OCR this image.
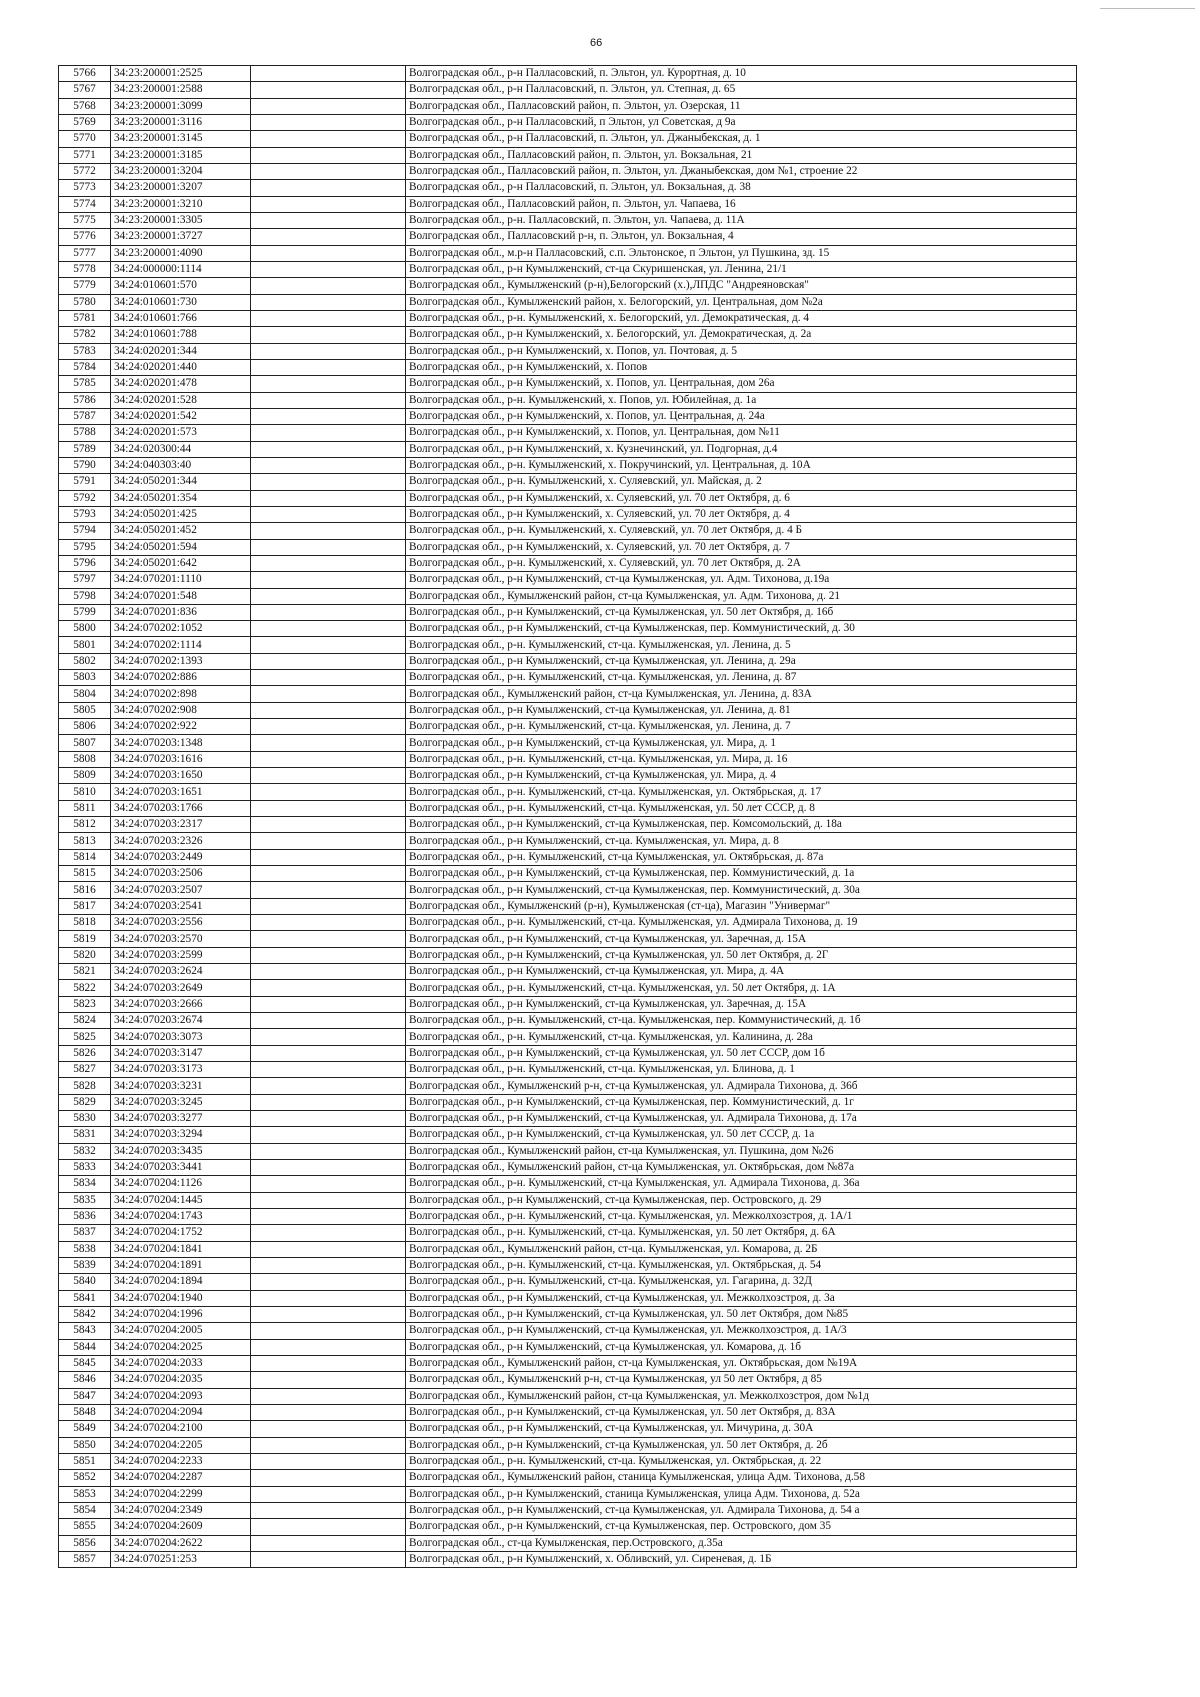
66
5766	34:23:200001:2525		Волгоградская обл., р-н Палласовский, п. Эльтон, ул. Курортная, д. 10
5767	34:23:200001:2588		Волгоградская обл., р-н Палласовский, п. Эльтон, ул. Степная, д. 65
5768	34:23:200001:3099		Волгоградская обл., Палласовский район, п. Эльтон, ул. Озерская, 11
5769	34:23:200001:3116		Волгоградская обл., р-н Палласовский, п Эльтон, ул Советская, д 9а
5770	34:23:200001:3145		Волгоградская обл., р-н Палласовский, п. Эльтон, ул. Джаныбекская, д. 1
5771	34:23:200001:3185		Волгоградская обл., Палласовский район, п. Эльтон, ул. Вокзальная, 21
5772	34:23:200001:3204		Волгоградская обл., Палласовский район, п. Эльтон, ул. Джаныбекская, дом №1, строение 22
5773	34:23:200001:3207		Волгоградская обл., р-н Палласовский, п. Эльтон, ул. Вокзальная, д. 38
5774	34:23:200001:3210		Волгоградская обл., Палласовский район, п. Эльтон, ул. Чапаева, 16
5775	34:23:200001:3305		Волгоградская обл., р-н. Палласовский, п. Эльтон, ул. Чапаева, д. 11А
5776	34:23:200001:3727		Волгоградская обл., Палласовский р-н, п. Эльтон, ул. Вокзальная, 4
5777	34:23:200001:4090		Волгоградская обл., м.р-н Палласовский, с.п. Эльтонское, п Эльтон, ул Пушкина, зд. 15
5778	34:24:000000:1114		Волгоградская обл., р-н Кумылженский, ст-ца Скуришенская, ул. Ленина, 21/1
5779	34:24:010601:570		Волгоградская обл., Кумылженский (р-н),Белогорский (х.),ЛПДС "Андреяновская"
5780	34:24:010601:730		Волгоградская обл., Кумылженский район, х. Белогорский, ул. Центральная, дом №2а
5781	34:24:010601:766		Волгоградская обл., р-н. Кумылженский, х. Белогорский, ул. Демократическая, д. 4
5782	34:24:010601:788		Волгоградская обл., р-н Кумылженский, х. Белогорский, ул. Демократическая, д. 2а
5783	34:24:020201:344		Волгоградская обл., р-н Кумылженский, х. Попов, ул. Почтовая, д. 5
5784	34:24:020201:440		Волгоградская обл., р-н Кумылженский, х. Попов
5785	34:24:020201:478		Волгоградская обл., р-н Кумылженский, х. Попов, ул. Центральная, дом 26а
5786	34:24:020201:528		Волгоградская обл., р-н. Кумылженский, х. Попов, ул. Юбилейная, д. 1а
5787	34:24:020201:542		Волгоградская обл., р-н Кумылженский, х. Попов, ул. Центральная, д. 24а
5788	34:24:020201:573		Волгоградская обл., р-н Кумылженский, х. Попов, ул. Центральная, дом №11
5789	34:24:020300:44		Волгоградская обл., р-н Кумылженский, х. Кузнечинский, ул. Подгорная, д.4
5790	34:24:040303:40		Волгоградская обл., р-н. Кумылженский, х. Покручинский, ул. Центральная, д. 10А
5791	34:24:050201:344		Волгоградская обл., р-н. Кумылженский, х. Суляевский, ул. Майская, д. 2
5792	34:24:050201:354		Волгоградская обл., р-н Кумылженский, х. Суляевский, ул. 70 лет Октября, д. 6
5793	34:24:050201:425		Волгоградская обл., р-н Кумылженский, х. Суляевский, ул. 70 лет Октября, д. 4
5794	34:24:050201:452		Волгоградская обл., р-н. Кумылженский, х. Суляевский, ул. 70 лет Октября, д. 4 Б
5795	34:24:050201:594		Волгоградская обл., р-н Кумылженский, х. Суляевский, ул. 70 лет Октября, д. 7
5796	34:24:050201:642		Волгоградская обл., р-н. Кумылженский, х. Суляевский, ул. 70 лет Октября, д. 2А
5797	34:24:070201:1110		Волгоградская обл., р-н Кумылженский, ст-ца Кумылженская, ул. Адм. Тихонова, д.19а
5798	34:24:070201:548		Волгоградская обл., Кумылженский район, ст-ца Кумылженская, ул. Адм. Тихонова, д. 21
5799	34:24:070201:836		Волгоградская обл., р-н Кумылженский, ст-ца Кумылженская, ул. 50 лет Октября, д. 16б
5800	34:24:070202:1052		Волгоградская обл., р-н Кумылженский, ст-ца Кумылженская, пер. Коммунистический, д. 30
5801	34:24:070202:1114		Волгоградская обл., р-н. Кумылженский, ст-ца. Кумылженская, ул. Ленина, д. 5
5802	34:24:070202:1393		Волгоградская обл., р-н Кумылженский, ст-ца Кумылженская, ул. Ленина, д. 29а
5803	34:24:070202:886		Волгоградская обл., р-н. Кумылженский, ст-ца. Кумылженская, ул. Ленина, д. 87
5804	34:24:070202:898		Волгоградская обл., Кумылженский район, ст-ца Кумылженская, ул. Ленина, д. 83А
5805	34:24:070202:908		Волгоградская обл., р-н Кумылженский, ст-ца Кумылженская, ул. Ленина, д. 81
5806	34:24:070202:922		Волгоградская обл., р-н. Кумылженский, ст-ца. Кумылженская, ул. Ленина, д. 7
5807	34:24:070203:1348		Волгоградская обл., р-н Кумылженский, ст-ца Кумылженская, ул. Мира, д. 1
5808	34:24:070203:1616		Волгоградская обл., р-н. Кумылженский, ст-ца. Кумылженская, ул. Мира, д. 16
5809	34:24:070203:1650		Волгоградская обл., р-н Кумылженский, ст-ца Кумылженская, ул. Мира, д. 4
5810	34:24:070203:1651		Волгоградская обл., р-н. Кумылженский, ст-ца. Кумылженская, ул. Октябрьская, д. 17
5811	34:24:070203:1766		Волгоградская обл., р-н. Кумылженский, ст-ца. Кумылженская, ул. 50 лет СССР, д. 8
5812	34:24:070203:2317		Волгоградская обл., р-н Кумылженский, ст-ца Кумылженская, пер. Комсомольский, д. 18а
5813	34:24:070203:2326		Волгоградская обл., р-н Кумылженский, ст-ца. Кумылженская, ул. Мира, д. 8
5814	34:24:070203:2449		Волгоградская обл., р-н. Кумылженский, ст-ца Кумылженская, ул. Октябрьская, д. 87а
5815	34:24:070203:2506		Волгоградская обл., р-н Кумылженский, ст-ца Кумылженская, пер. Коммунистический, д. 1а
5816	34:24:070203:2507		Волгоградская обл., р-н Кумылженский, ст-ца Кумылженская, пер. Коммунистический, д. 30а
5817	34:24:070203:2541		Волгоградская обл., Кумылженский (р-н), Кумылженская (ст-ца), Магазин "Универмаг"
5818	34:24:070203:2556		Волгоградская обл., р-н. Кумылженский, ст-ца. Кумылженская, ул. Адмирала Тихонова, д. 19
5819	34:24:070203:2570		Волгоградская обл., р-н Кумылженский, ст-ца Кумылженская, ул. Заречная, д. 15А
5820	34:24:070203:2599		Волгоградская обл., р-н Кумылженский, ст-ца Кумылженская, ул. 50 лет Октября, д. 2Г
5821	34:24:070203:2624		Волгоградская обл., р-н Кумылженский, ст-ца Кумылженская, ул. Мира, д. 4А
5822	34:24:070203:2649		Волгоградская обл., р-н. Кумылженский, ст-ца. Кумылженская, ул. 50 лет Октября, д. 1А
5823	34:24:070203:2666		Волгоградская обл., р-н Кумылженский, ст-ца Кумылженская, ул. Заречная, д. 15А
5824	34:24:070203:2674		Волгоградская обл., р-н. Кумылженский, ст-ца. Кумылженская, пер. Коммунистический, д. 1б
5825	34:24:070203:3073		Волгоградская обл., р-н. Кумылженский, ст-ца. Кумылженская, ул. Калинина, д. 28а
5826	34:24:070203:3147		Волгоградская обл., р-н Кумылженский, ст-ца Кумылженская, ул. 50 лет СССР, дом 1б
5827	34:24:070203:3173		Волгоградская обл., р-н. Кумылженский, ст-ца. Кумылженская, ул. Блинова, д. 1
5828	34:24:070203:3231		Волгоградская обл., Кумылженский р-н, ст-ца Кумылженская, ул. Адмирала Тихонова, д. 36б
5829	34:24:070203:3245		Волгоградская обл., р-н Кумылженский, ст-ца Кумылженская, пер. Коммунистический, д. 1г
5830	34:24:070203:3277		Волгоградская обл., р-н Кумылженский, ст-ца Кумылженская, ул. Адмирала Тихонова, д. 17а
5831	34:24:070203:3294		Волгоградская обл., р-н Кумылженский, ст-ца Кумылженская, ул. 50 лет СССР, д. 1а
5832	34:24:070203:3435		Волгоградская обл., Кумылженский район, ст-ца Кумылженская, ул. Пушкина, дом №26
5833	34:24:070203:3441		Волгоградская обл., Кумылженский район, ст-ца Кумылженская, ул. Октябрьская, дом №87а
5834	34:24:070204:1126		Волгоградская обл., р-н. Кумылженский, ст-ца Кумылженская, ул. Адмирала Тихонова, д. 36а
5835	34:24:070204:1445		Волгоградская обл., р-н Кумылженский, ст-ца Кумылженская, пер. Островского, д. 29
5836	34:24:070204:1743		Волгоградская обл., р-н. Кумылженский, ст-ца. Кумылженская, ул. Межколхозстроя, д. 1А/1
5837	34:24:070204:1752		Волгоградская обл., р-н. Кумылженский, ст-ца. Кумылженская, ул. 50 лет Октября, д. 6А
5838	34:24:070204:1841		Волгоградская обл., Кумылженский район, ст-ца. Кумылженская, ул. Комарова, д. 2Б
5839	34:24:070204:1891		Волгоградская обл., р-н. Кумылженский, ст-ца. Кумылженская, ул. Октябрьская, д. 54
5840	34:24:070204:1894		Волгоградская обл., р-н. Кумылженский, ст-ца. Кумылженская, ул. Гагарина, д. 32Д
5841	34:24:070204:1940		Волгоградская обл., р-н Кумылженский, ст-ца Кумылженская, ул. Межколхозстроя, д. 3а
5842	34:24:070204:1996		Волгоградская обл., р-н Кумылженский, ст-ца Кумылженская, ул. 50 лет Октября, дом №85
5843	34:24:070204:2005		Волгоградская обл., р-н Кумылженский, ст-ца Кумылженская, ул. Межколхозстроя, д. 1А/3
5844	34:24:070204:2025		Волгоградская обл., р-н Кумылженский, ст-ца Кумылженская, ул. Комарова, д. 1б
5845	34:24:070204:2033		Волгоградская обл., Кумылженский район, ст-ца Кумылженская, ул. Октябрьская, дом №19А
5846	34:24:070204:2035		Волгоградская обл., Кумылженский р-н, ст-ца Кумылженская, ул 50 лет Октября, д 85
5847	34:24:070204:2093		Волгоградская обл., Кумылженский район, ст-ца Кумылженская, ул. Межколхозстроя, дом №1д
5848	34:24:070204:2094		Волгоградская обл., р-н Кумылженский, ст-ца Кумылженская, ул. 50 лет Октября, д. 83А
5849	34:24:070204:2100		Волгоградская обл., р-н Кумылженский, ст-ца Кумылженская, ул. Мичурина, д. 30А
5850	34:24:070204:2205		Волгоградская обл., р-н Кумылженский, ст-ца Кумылженская, ул. 50 лет Октября, д. 2б
5851	34:24:070204:2233		Волгоградская обл., р-н. Кумылженский, ст-ца. Кумылженская, ул. Октябрьская, д. 22
5852	34:24:070204:2287		Волгоградская обл., Кумылженский район, станица Кумылженская, улица Адм. Тихонова, д.58
5853	34:24:070204:2299		Волгоградская обл., р-н Кумылженский, станица Кумылженская, улица Адм. Тихонова, д. 52а
5854	34:24:070204:2349		Волгоградская обл., р-н Кумылженский, ст-ца Кумылженская, ул. Адмирала Тихонова, д. 54 а
5855	34:24:070204:2609		Волгоградская обл., р-н Кумылженский, ст-ца Кумылженская, пер. Островского, дом 35
5856	34:24:070204:2622		Волгоградская обл., ст-ца Кумылженская, пер.Островского, д.35а
5857	34:24:070251:253		Волгоградская обл., р-н Кумылженский, х. Обливский, ул. Сиреневая, д. 1Б
